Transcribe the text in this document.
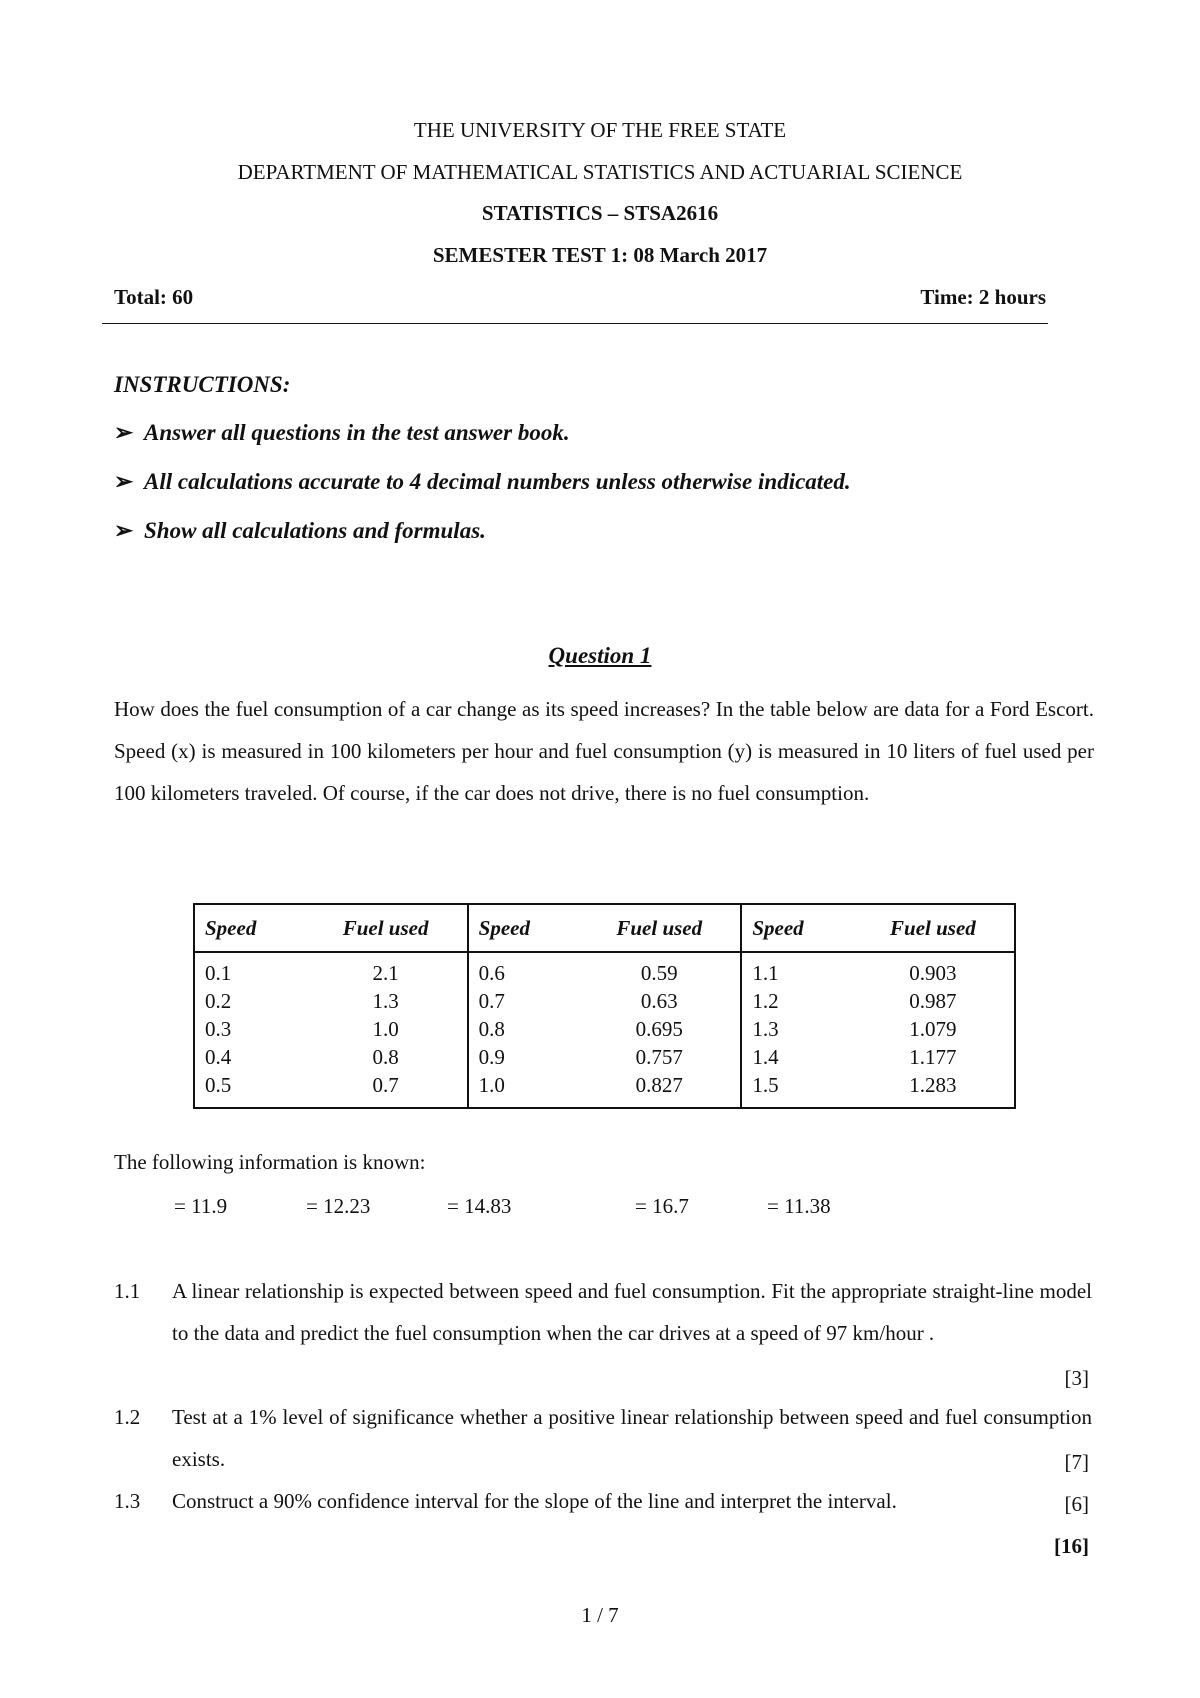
THE UNIVERSITY OF THE FREE STATE
DEPARTMENT OF MATHEMATICAL STATISTICS AND ACTUARIAL SCIENCE
STATISTICS – STSA2616
SEMESTER TEST 1: 08 March 2017
Total: 60	Time: 2 hours
INSTRUCTIONS:
➢ Answer all questions in the test answer book.
➢ All calculations accurate to 4 decimal numbers unless otherwise indicated.
➢ Show all calculations and formulas.
Question 1

How does the fuel consumption of a car change as its speed increases? In the table below are data for a Ford Escort. Speed (x) is measured in 100 kilometers per hour and fuel consumption (y) is measured in 10 liters of fuel used per 100 kilometers traveled. Of course, if the car does not drive, there is no fuel consumption.

Speed	Fuel used	Speed	Fuel used	Speed	Fuel used
0.1	2.1	0.6	0.59	1.1	0.903
0.2	1.3	0.7	0.63	1.2	0.987
0.3	1.0	0.8	0.695	1.3	1.079
0.4	0.8	0.9	0.757	1.4	1.177
0.5	0.7	1.0	0.827	1.5	1.283
The following information is known:
= 11.9	= 12.23	= 14.83	= 16.7	= 11.38
1.1 A linear relationship is expected between speed and fuel consumption. Fit the appropriate straight-line model to the data and predict the fuel consumption when the car drives at a speed of 97 km/hour .
[3]
1.2 Test at a 1% level of significance whether a positive linear relationship between speed and fuel consumption exists.	[7]
1.3 Construct a 90% confidence interval for the slope of the line and interpret the interval.	[6]
[16]
1 / 7
